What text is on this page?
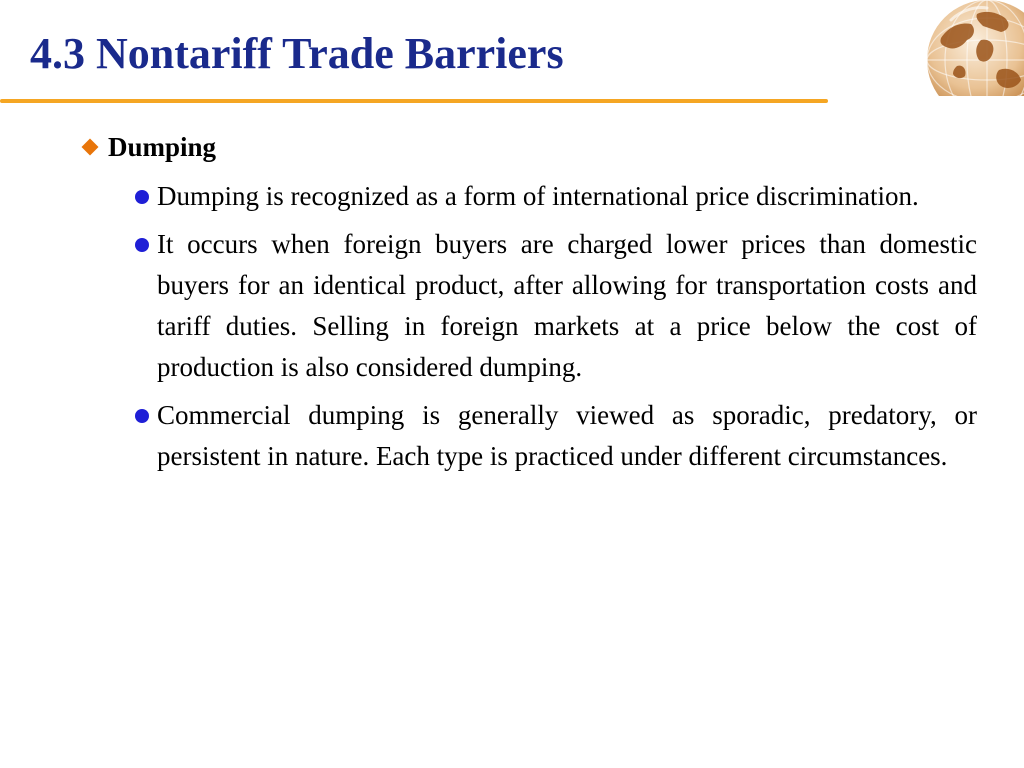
4.3 Nontariff Trade Barriers
Dumping
Dumping is recognized as a form of international price discrimination.
It occurs when foreign buyers are charged lower prices than domestic buyers for an identical product, after allowing for transportation costs and tariff duties. Selling in foreign markets at a price below the cost of production is also considered dumping.
Commercial dumping is generally viewed as sporadic, predatory, or persistent in nature. Each type is practiced under different circumstances.
